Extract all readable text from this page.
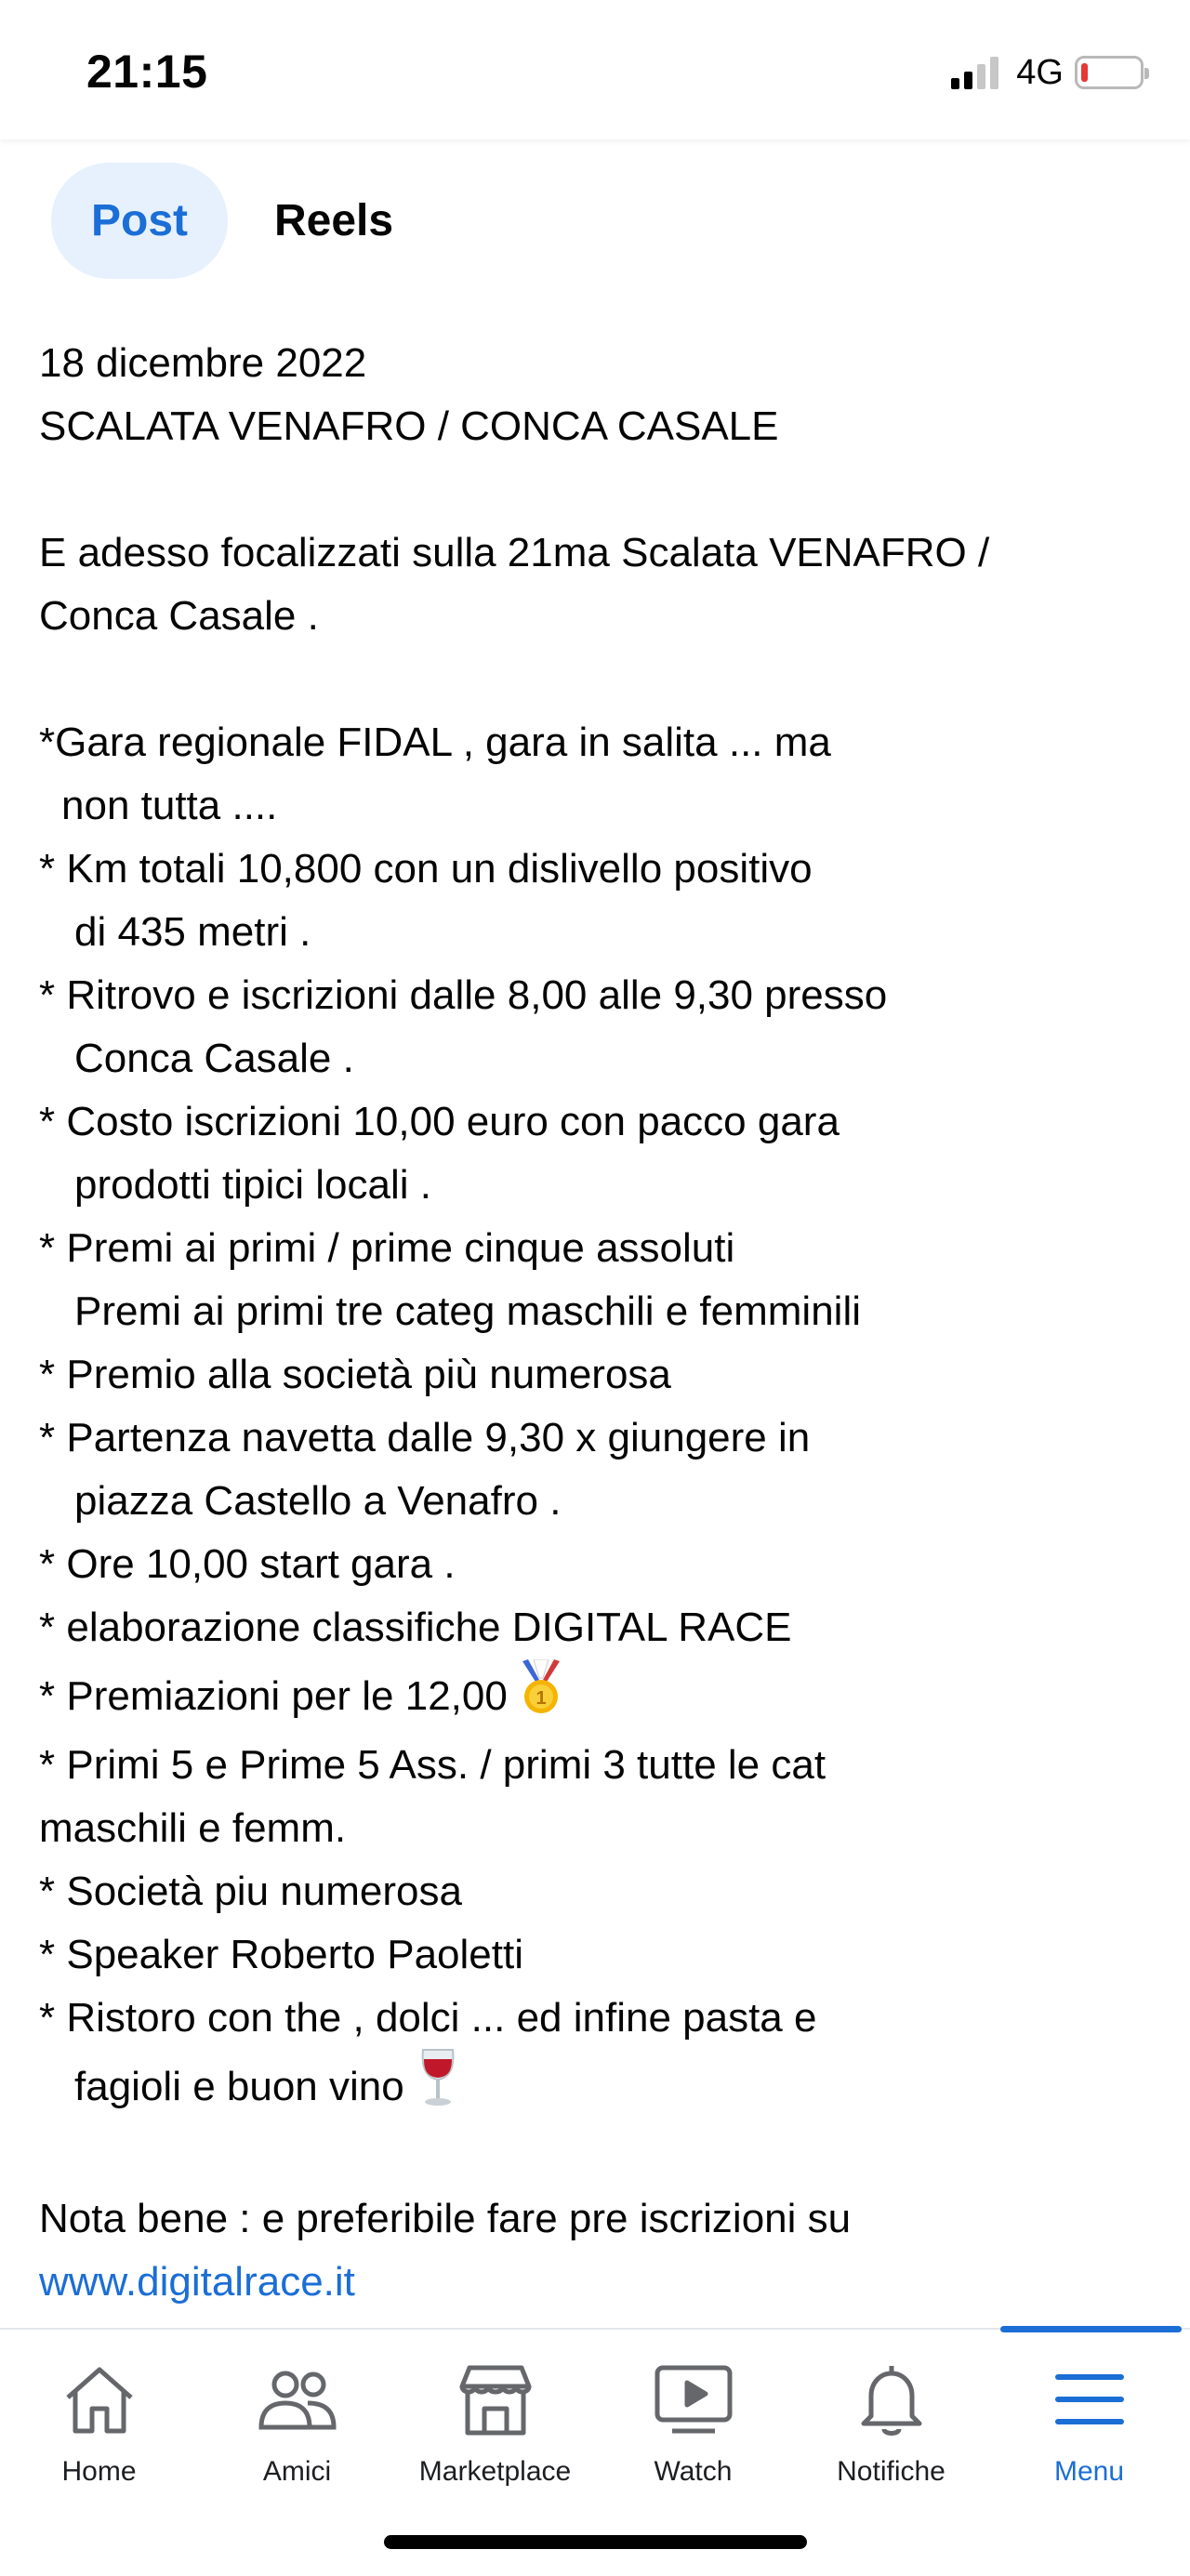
21:15	4G
Post	Reels
18 dicembre 2022
SCALATA VENAFRO / CONCA CASALE
E adesso focalizzati sulla 21ma Scalata VENAFRO /
Conca Casale .
*Gara regionale FIDAL , gara in salita ... ma
non tutta ....
* Km totali 10,800 con un dislivello positivo
di 435 metri .
* Ritrovo e iscrizioni dalle 8,00 alle 9,30 presso
Conca Casale .
* Costo iscrizioni 10,00 euro con pacco gara
prodotti tipici locali .
* Premi ai primi / prime cinque assoluti
Premi ai primi tre categ maschili e femminili
* Premio alla società più numerosa
* Partenza navetta dalle 9,30 x giungere in
piazza Castello a Venafro .
* Ore 10,00 start gara .
* elaborazione classifiche DIGITAL RACE
* Premiazioni per le 12,00 1
* Primi 5 e Prime 5 Ass. / primi 3 tutte le cat
maschili e femm.
* Società piu numerosa
* Speaker Roberto Paoletti
* Ristoro con the , dolci ... ed infine pasta e
fagioli e buon vino
Nota bene : e preferibile fare pre iscrizioni su
www.digitalrace.it
Home	Amici	Marketplace	Watch	Notifiche	Menu
